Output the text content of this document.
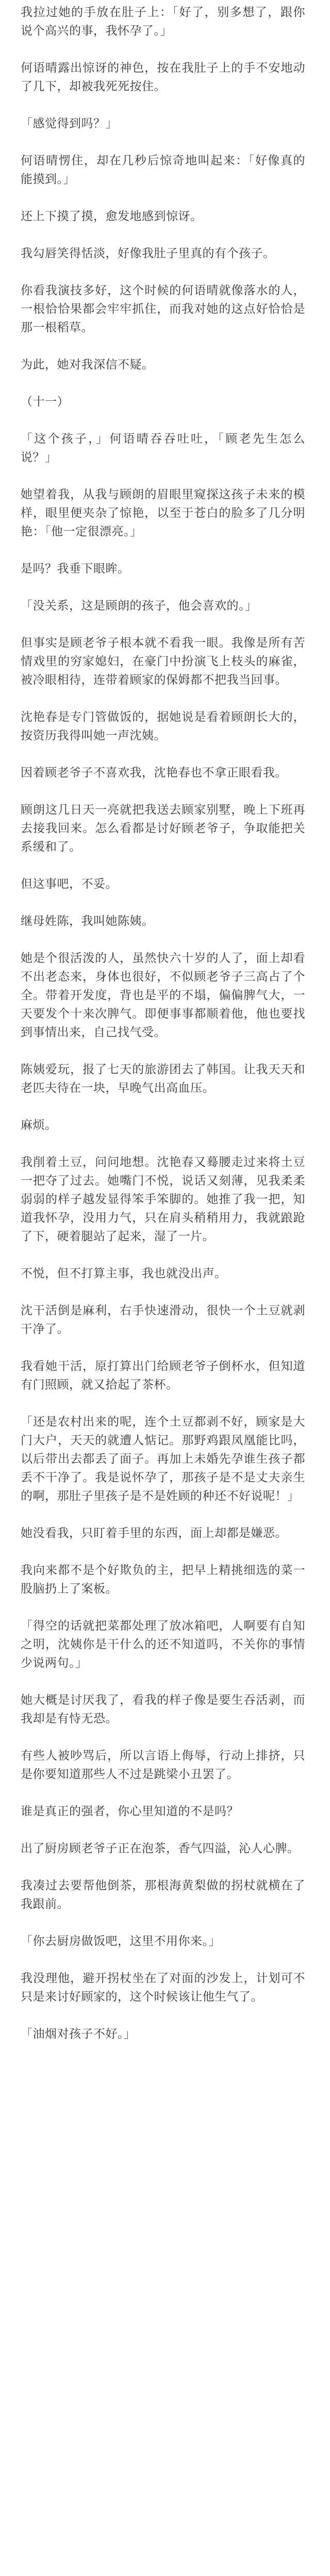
我拉过她的手放在肚子上：「好了，别多想了，跟你说个高兴的事，我怀孕了。」

何语晴露出惊讶的神色，按在我肚子上的手不安地动了几下，却被我死死按住。

「感觉得到吗？」

何语晴愣住，却在几秒后惊奇地叫起来：「好像真的能摸到。」

还上下摸了摸，愈发地感到惊讶。

我勾唇笑得恬淡，好像我肚子里真的有个孩子。

你看我演技多好，这个时候的何语晴就像落水的人，一根恰恰果都会牢牢抓住，而我对她的这点好恰恰是那一根稻草。

为此，她对我深信不疑。

（十一）

「这个孩子，」何语晴吞吞吐吐，「顾老先生怎么说？」

她望着我，从我与顾朗的眉眼里窥探这孩子未来的模样，眼里便夹杂了惊艳，以至于苍白的脸多了几分明艳：「他一定很漂亮。」

是吗？我垂下眼眸。

「没关系，这是顾朗的孩子，他会喜欢的。」

但事实是顾老爷子根本就不看我一眼。我像是所有苦情戏里的穷家媳妇，在豪门中扮演飞上枝头的麻雀，被冷眼相待，连带着顾家的保姆都不把我当回事。

沈艳春是专门管做饭的，据她说是看着顾朗长大的，按资历我得叫她一声沈姨。

因着顾老爷子不喜欢我，沈艳春也不拿正眼看我。

顾朗这几日天一亮就把我送去顾家别墅，晚上下班再去接我回来。怎么看都是讨好顾老爷子，争取能把关系缓和了。

但这事吧，不妥。

继母姓陈，我叫她陈姨。

她是个很活泼的人，虽然快六十岁的人了，面上却看不出老态来，身体也很好，不似顾老爷子三高占了个全。带着开发度，背也是平的不塌，偏偏脾气大，一天要发个十来次脾气。即便事事都顺着他，他也要找到事情出来，自己找气受。

陈姨爱玩，报了七天的旅游团去了韩国。让我天天和老匹夫待在一块，早晚气出高血压。

麻烦。

我削着土豆，问问地想。沈艳春又蓦腰走过来将土豆一把夺了过去。她嘴门不悦，说话又刻薄，见我柔柔弱弱的样子越发显得笨手笨脚的。她推了我一把，知道我怀孕，没用力气，只在肩头稍稍用力，我就踉跄了下，硬着腿站了起来，湿了一片。

不悦，但不打算主事，我也就没出声。

沈干活倒是麻利，右手快速滑动，很快一个土豆就剥干净了。

我看她干活，原打算出门给顾老爷子倒杯水，但知道有门照顾，就又拾起了茶杯。

「还是农村出来的呢，连个土豆都剥不好，顾家是大门大户，天天的就遭人惦记。那野鸡跟凤凰能比吗，以后带出去都丢了面子。再加上未婚先孕谁生孩子都丢不干净了。我是说怀孕了，那孩子是不是丈夫亲生的啊，那肚子里孩子是不是姓顾的种还不好说呢！」

她没看我，只盯着手里的东西，面上却都是嫌恶。

我向来都不是个好欺负的主，把早上精挑细选的菜一股脑扔上了案板。

「得空的话就把菜都处理了放冰箱吧，人啊要有自知之明，沈姨你是干什么的还不知道吗，不关你的事情少说两句。」

她大概是讨厌我了，看我的样子像是要生吞活剥，而我却是有恃无恐。

有些人被吵骂后，所以言语上侮辱，行动上排挤，只是你要知道那些人不过是跳梁小丑罢了。

谁是真正的强者，你心里知道的不是吗？

出了厨房顾老爷子正在泡茶，香气四溢，沁人心脾。

我凑过去要帮他倒茶，那根海黄梨做的拐杖就横在了我跟前。

「你去厨房做饭吧，这里不用你来。」

我没理他，避开拐杖坐在了对面的沙发上，计划可不只是来讨好顾家的，这个时候该让他生气了。

「油烟对孩子不好。」
